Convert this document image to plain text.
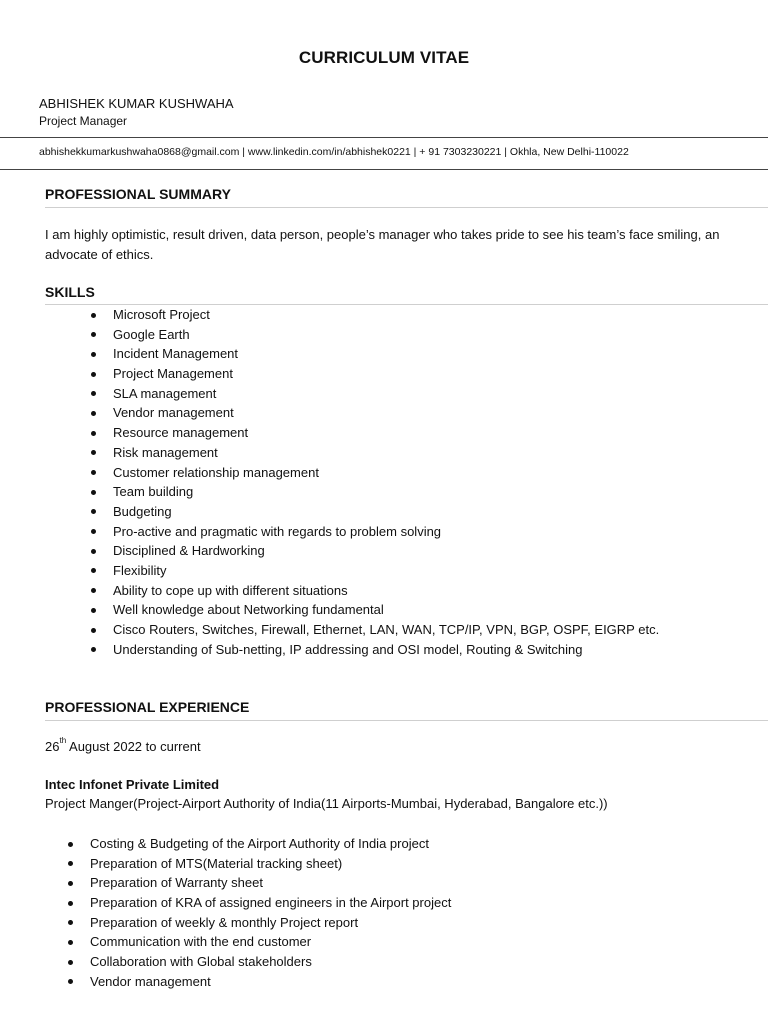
CURRICULUM VITAE
ABHISHEK KUMAR KUSHWAHA
Project Manager
abhishekkumarkushwaha0868@gmail.com | www.linkedin.com/in/abhishek0221 | + 91 7303230221 | Okhla, New Delhi-110022
PROFESSIONAL SUMMARY
I am highly optimistic, result driven, data person, people’s manager who takes pride to see his team’s face smiling, an advocate of ethics.
SKILLS
Microsoft Project
Google Earth
Incident Management
Project Management
SLA management
Vendor management
Resource management
Risk management
Customer relationship management
Team building
Budgeting
Pro-active and pragmatic with regards to problem solving
Disciplined & Hardworking
Flexibility
Ability to cope up with different situations
Well knowledge about Networking fundamental
Cisco Routers, Switches, Firewall, Ethernet, LAN, WAN, TCP/IP, VPN, BGP, OSPF, EIGRP etc.
Understanding of Sub-netting, IP addressing and OSI model, Routing & Switching
PROFESSIONAL EXPERIENCE
26th August 2022 to current
Intec Infonet Private Limited
Project Manger(Project-Airport Authority of India(11 Airports-Mumbai, Hyderabad, Bangalore etc.))
Costing & Budgeting of the Airport Authority of India project
Preparation of MTS(Material tracking sheet)
Preparation of Warranty sheet
Preparation of KRA of assigned engineers in the Airport project
Preparation of weekly & monthly Project report
Communication with the end customer
Collaboration with Global stakeholders
Vendor management
